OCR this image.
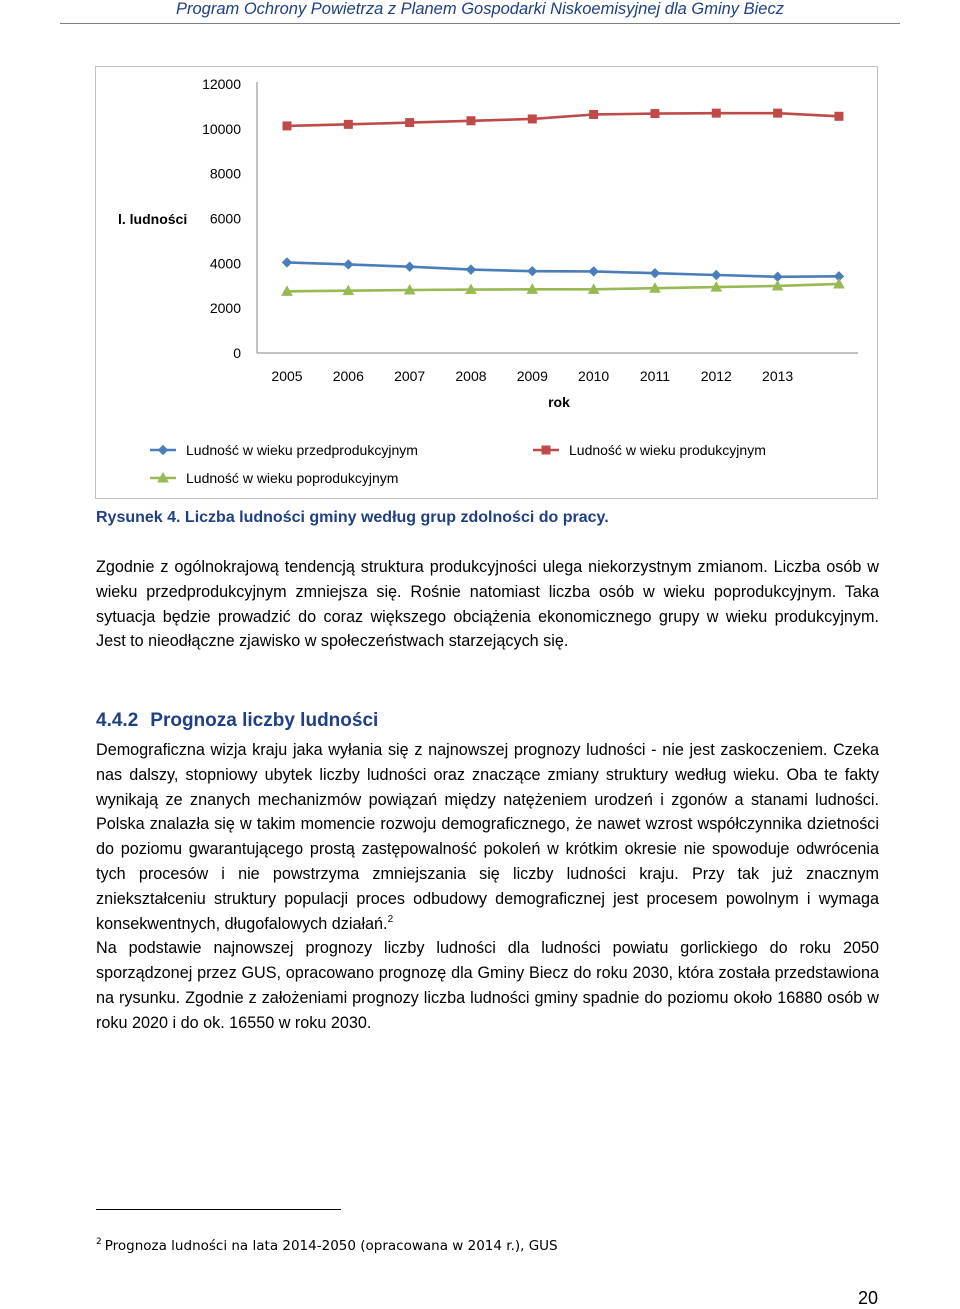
Program Ochrony Powietrza z Planem Gospodarki Niskoemisyjnej dla Gminy Biecz
0
2000
4000
6000
8000
10000
12000
2005 2006 2007 2008 2009 2010 2011 2012 2013
rok
l. ludności
Ludność w wieku przedprodukcyjnym	Ludność w wieku produkcyjnym
Ludność w wieku poprodukcyjnym
Rysunek 4. Liczba ludności gminy według grup zdolności do pracy.

Zgodnie z ogólnokrajową tendencją struktura produkcyjności ulega niekorzystnym zmianom. Liczba osób w wieku przedprodukcyjnym zmniejsza się. Rośnie natomiast liczba osób w wieku poprodukcyjnym. Taka sytuacja będzie prowadzić do coraz większego obciążenia ekonomicznego grupy w wieku produkcyjnym. Jest to nieodłączne zjawisko w społeczeństwach starzejących się.

4.4.2 Prognoza liczby ludności

Demograficzna wizja kraju jaka wyłania się z najnowszej prognozy ludności ‑ nie jest zaskoczeniem. Czeka nas dalszy, stopniowy ubytek liczby ludności oraz znaczące zmiany struktury według wieku. Oba te fakty wynikają ze znanych mechanizmów powiązań między natężeniem urodzeń i zgonów a stanami ludności. Polska znalazła się w takim momencie rozwoju demograficznego, że nawet wzrost współczynnika dzietności do poziomu gwarantującego prostą zastępowalność pokoleń w krótkim okresie nie spowoduje odwrócenia tych procesów i nie powstrzyma zmniejszania się liczby ludności kraju. Przy tak już znacznym zniekształceniu struktury populacji proces odbudowy demograficznej jest procesem powolnym i wymaga konsekwentnych, długofalowych działań.$^2$

Na podstawie najnowszej prognozy liczby ludności dla ludności powiatu gorlickiego do roku 2050 sporządzonej przez GUS, opracowano prognozę dla Gminy Biecz do roku 2030, która została przedstawiona na rysunku. Zgodnie z założeniami prognozy liczba ludności gminy spadnie do poziomu około 16880 osób w roku 2020 i do ok. 16550 w roku 2030.

$^2$ Prognoza ludności na lata 2014-2050 (opracowana w 2014 r.), GUS
20
